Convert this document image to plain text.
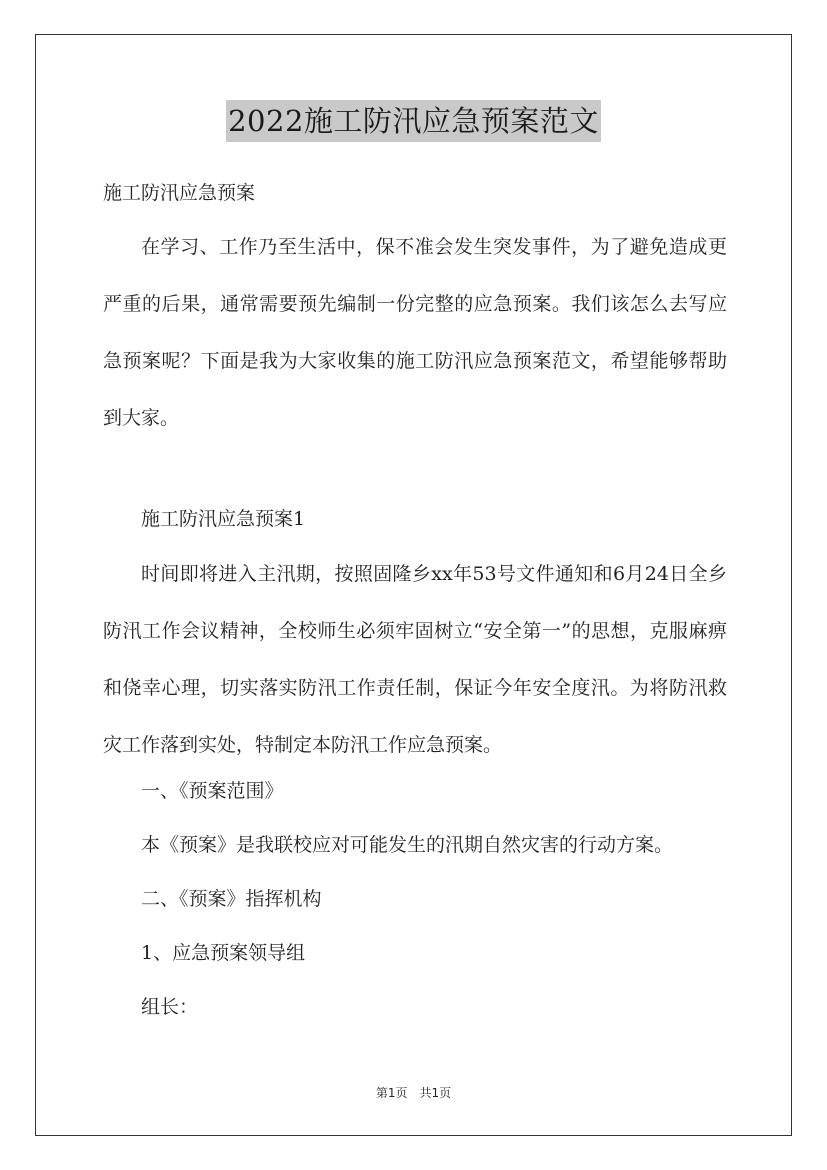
2022施工防汛应急预案范文
施工防汛应急预案
在学习、工作乃至生活中，保不准会发生突发事件，为了避免造成更严重的后果，通常需要预先编制一份完整的应急预案。我们该怎么去写应急预案呢？下面是我为大家收集的施工防汛应急预案范文，希望能够帮助到大家。
施工防汛应急预案1
时间即将进入主汛期，按照固隆乡xx年53号文件通知和6月24日全乡防汛工作会议精神，全校师生必须牢固树立“安全第一”的思想，克服麻痹和侥幸心理，切实落实防汛工作责任制，保证今年安全度汛。为将防汛救灾工作落到实处，特制定本防汛工作应急预案。
一、《预案范围》
本《预案》是我联校应对可能发生的汛期自然灾害的行动方案。
二、《预案》指挥机构
1、应急预案领导组
组长：
第1页　共1页
